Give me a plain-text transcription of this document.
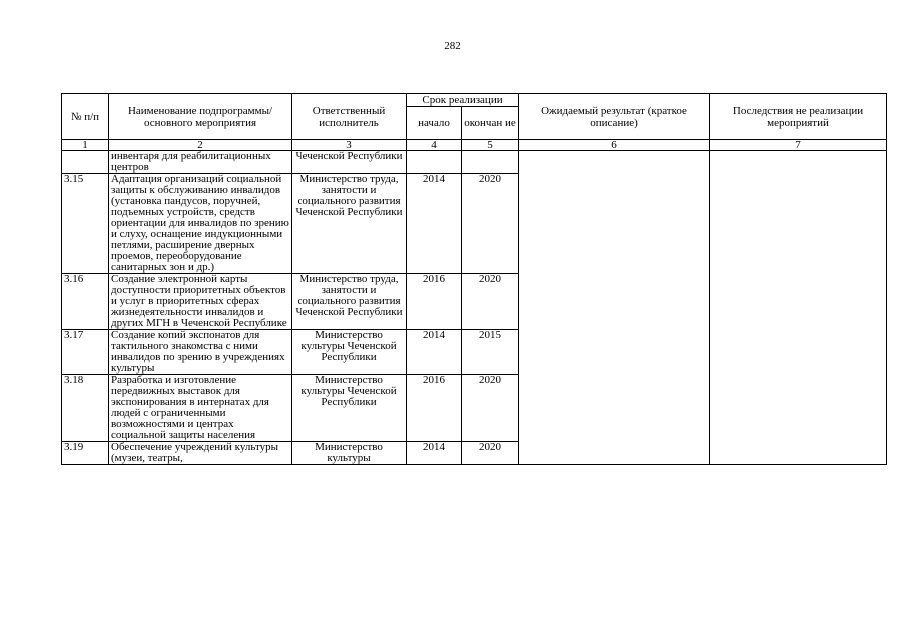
282
№ п/п	Наименование подпрограммы/ основного мероприятия	Ответственный исполнитель	Срок реализации		Ожидаемый результат (краткое описание)	Последствия не реализации мероприятий
			начало	окончан ие		
1	2	3	4	5	6	7
	инвентаря для реабилитационных центров	Чеченской Республики				
3.15	Адаптация организаций социальной защиты к обслуживанию инвалидов (установка пандусов, поручней, подъемных устройств, средств ориентации для инвалидов по зрению и слуху, оснащение индукционными петлями, расширение дверных проемов, переоборудование санитарных зон и др.)	Министерство труда, занятости и социального развития Чеченской Республики	2014	2020		
3.16	Создание электронной карты доступности приоритетных объектов и услуг в приоритетных сферах жизнедеятельности инвалидов и других МГН в Чеченской Республике	Министерство труда, занятости и социального развития Чеченской Республики	2016	2020		
3.17	Создание копий экспонатов для тактильного знакомства с ними инвалидов по зрению в учреждениях культуры	Министерство культуры Чеченской Республики	2014	2015		
3.18	Разработка и изготовление передвижных выставок для экспонирования в интернатах для людей с ограниченными возможностями и центрах социальной защиты населения	Министерство культуры Чеченской Республики	2016	2020		
3.19	Обеспечение учреждений культуры (музеи, театры,	Министерство культуры	2014	2020		
